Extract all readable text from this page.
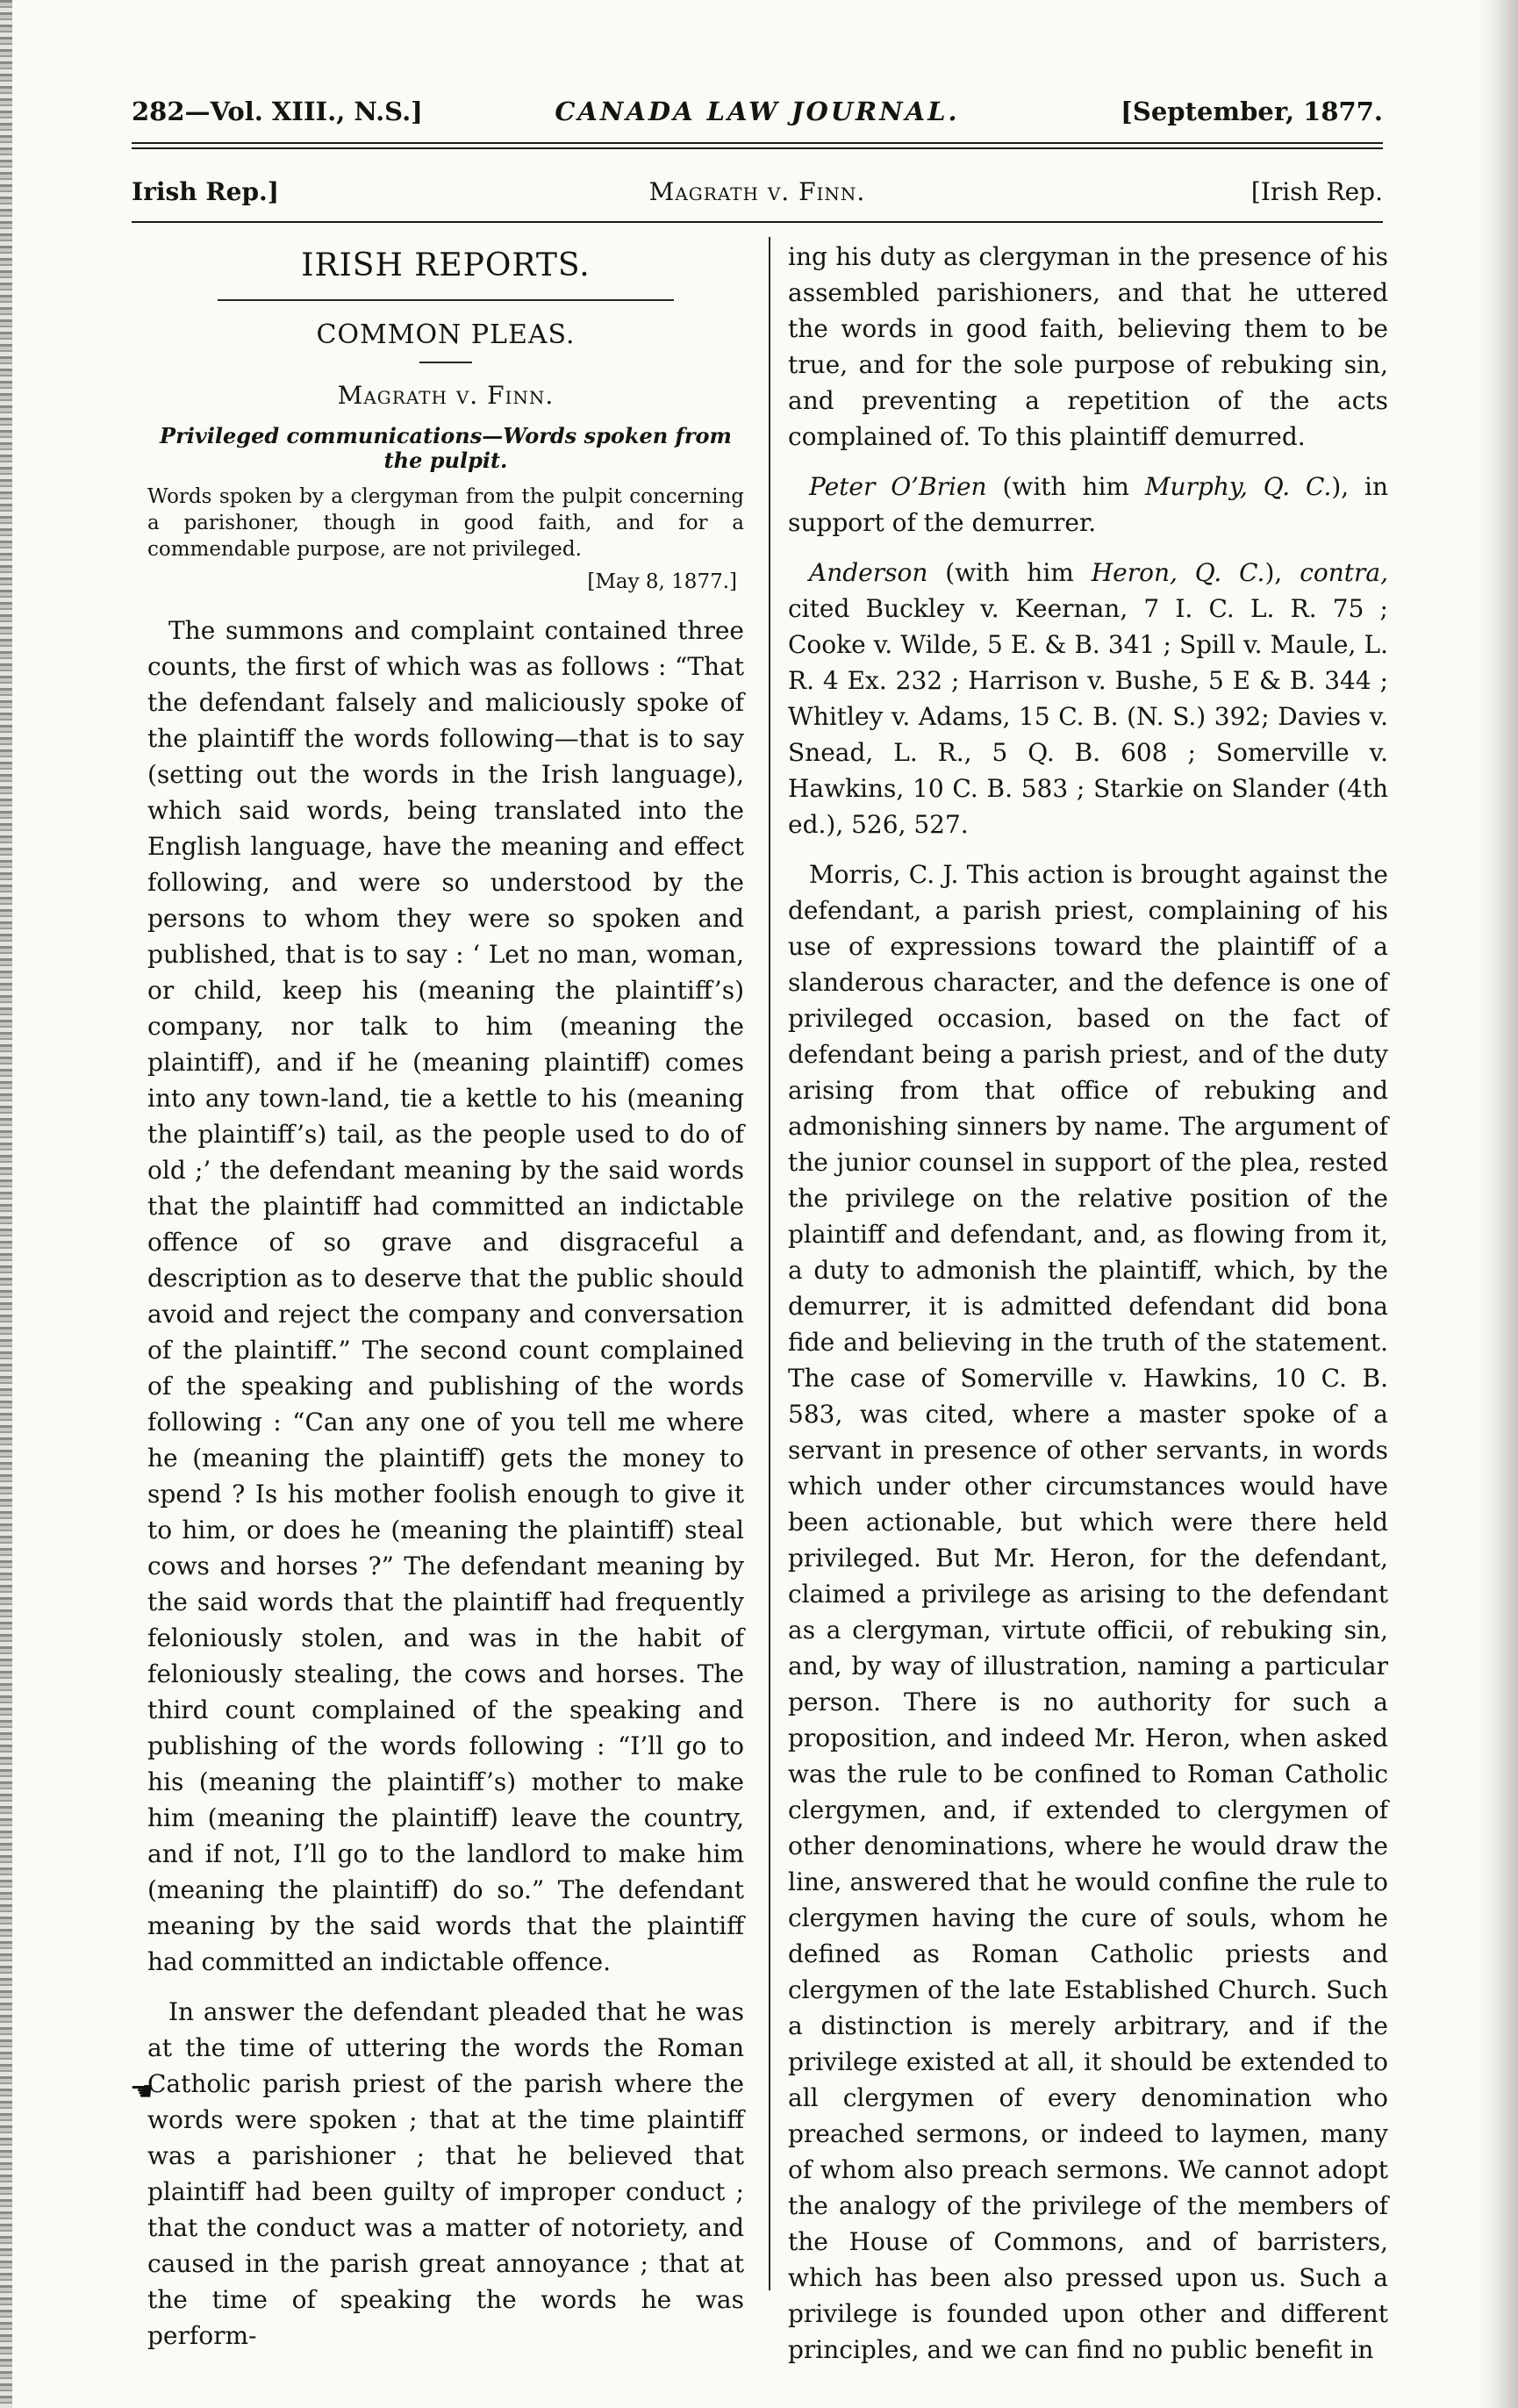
282—Vol. XIII., N.S.]	CANADA LAW JOURNAL.	[September, 1877.
Irish Rep.]	Magrath v. Finn.	[Irish Rep.
IRISH REPORTS.
COMMON PLEAS.
Magrath v. Finn.
Privileged communications—Words spoken from the pulpit.

Words spoken by a clergyman from the pulpit concerning a parishoner, though in good faith, and for a commendable purpose, are not privileged.

[May 8, 1877.]

The summons and complaint contained three counts, the first of which was as follows : “That the defendant falsely and maliciously spoke of the plaintiff the words following—that is to say (setting out the words in the Irish language), which said words, being translated into the English language, have the meaning and effect following, and were so understood by the persons to whom they were so spoken and published, that is to say : ‘ Let no man, woman, or child, keep his (meaning the plaintiff’s) company, nor talk to him (meaning the plaintiff), and if he (meaning plaintiff) comes into any town-land, tie a kettle to his (meaning the plaintiff’s) tail, as the people used to do of old ;’ the defendant meaning by the said words that the plaintiff had committed an indictable offence of so grave and disgraceful a description as to deserve that the public should avoid and reject the company and conversation of the plaintiff.” The second count complained of the speaking and publishing of the words following : “Can any one of you tell me where he (meaning the plaintiff) gets the money to spend ? Is his mother foolish enough to give it to him, or does he (meaning the plaintiff) steal cows and horses ?” The defendant meaning by the said words that the plaintiff had frequently feloniously stolen, and was in the habit of feloniously stealing, the cows and horses. The third count complained of the speaking and publishing of the words following : “I’ll go to his (meaning the plaintiff’s) mother to make him (meaning the plaintiff) leave the country, and if not, I’ll go to the landlord to make him (meaning the plaintiff) do so.” The defendant meaning by the said words that the plaintiff had committed an indictable offence.

In answer the defendant pleaded that he was at the time of uttering the words the Roman Catholic parish priest of the parish where the words were spoken ; that at the time plaintiff was a parishioner ; that he believed that plaintiff had been guilty of improper conduct ; that the conduct was a matter of notoriety, and caused in the parish great annoyance ; that at the time of speaking the words he was perform-

ing his duty as clergyman in the presence of his assembled parishioners, and that he uttered the words in good faith, believing them to be true, and for the sole purpose of rebuking sin, and preventing a repetition of the acts complained of. To this plaintiff demurred.

Peter O’Brien (with him Murphy, Q. C.), in support of the demurrer.

Anderson (with him Heron, Q. C.), contra, cited Buckley v. Keernan, 7 I. C. L. R. 75 ; Cooke v. Wilde, 5 E. & B. 341 ; Spill v. Maule, L. R. 4 Ex. 232 ; Harrison v. Bushe, 5 E & B. 344 ; Whitley v. Adams, 15 C. B. (N. S.) 392; Davies v. Snead, L. R., 5 Q. B. 608 ; Somerville v. Hawkins, 10 C. B. 583 ; Starkie on Slander (4th ed.), 526, 527.

Morris, C. J. This action is brought against the defendant, a parish priest, complaining of his use of expressions toward the plaintiff of a slanderous character, and the defence is one of privileged occasion, based on the fact of defendant being a parish priest, and of the duty arising from that office of rebuking and admonishing sinners by name. The argument of the junior counsel in support of the plea, rested the privilege on the relative position of the plaintiff and defendant, and, as flowing from it, a duty to admonish the plaintiff, which, by the demurrer, it is admitted defendant did bona fide and believing in the truth of the statement. The case of Somerville v. Hawkins, 10 C. B. 583, was cited, where a master spoke of a servant in presence of other servants, in words which under other circumstances would have been actionable, but which were there held privileged. But Mr. Heron, for the defendant, claimed a privilege as arising to the defendant as a clergyman, virtute officii, of rebuking sin, and, by way of illustration, naming a particular person. There is no authority for such a proposition, and indeed Mr. Heron, when asked was the rule to be confined to Roman Catholic clergymen, and, if extended to clergymen of other denominations, where he would draw the line, answered that he would confine the rule to clergymen having the cure of souls, whom he defined as Roman Catholic priests and clergymen of the late Established Church. Such a distinction is merely arbitrary, and if the privilege existed at all, it should be extended to all clergymen of every denomination who preached sermons, or indeed to laymen, many of whom also preach sermons. We cannot adopt the analogy of the privilege of the members of the House of Commons, and of barristers, which has been also pressed upon us. Such a privilege is founded upon other and different principles, and we can find no public benefit in

☚
